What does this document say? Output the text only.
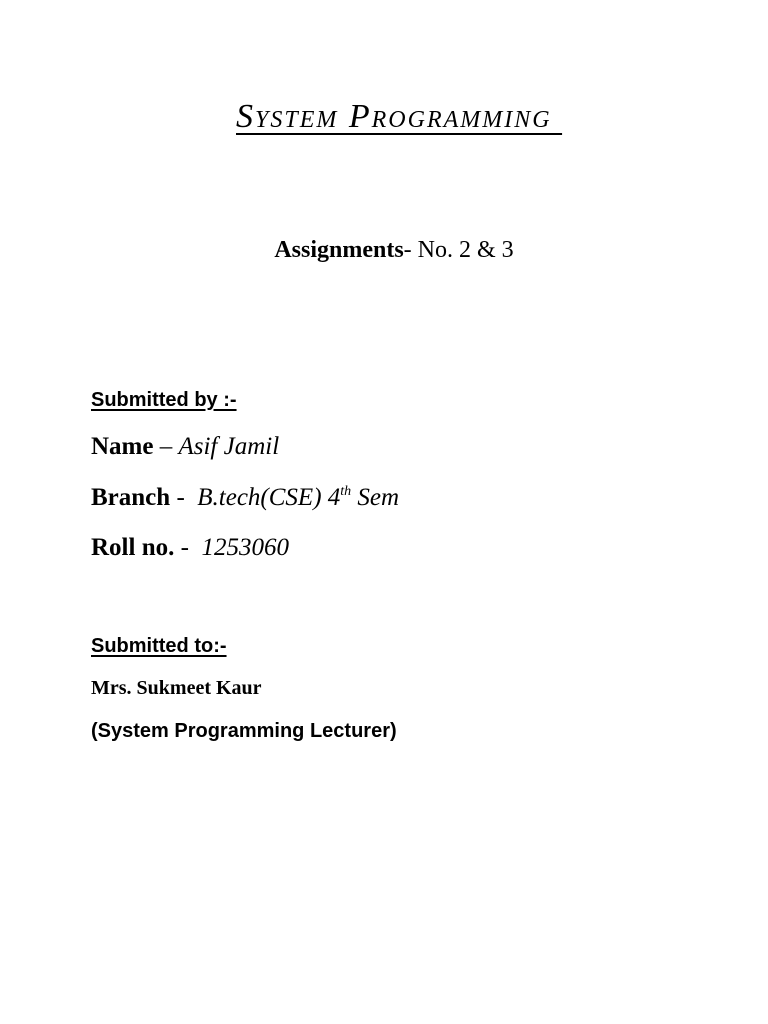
System Programming
Assignments- No. 2 & 3
Submitted by :-
Name – Asif Jamil
Branch -  B.tech(CSE) 4th Sem
Roll no. -  1253060
Submitted to:-
Mrs. Sukmeet Kaur
(System Programming Lecturer)
